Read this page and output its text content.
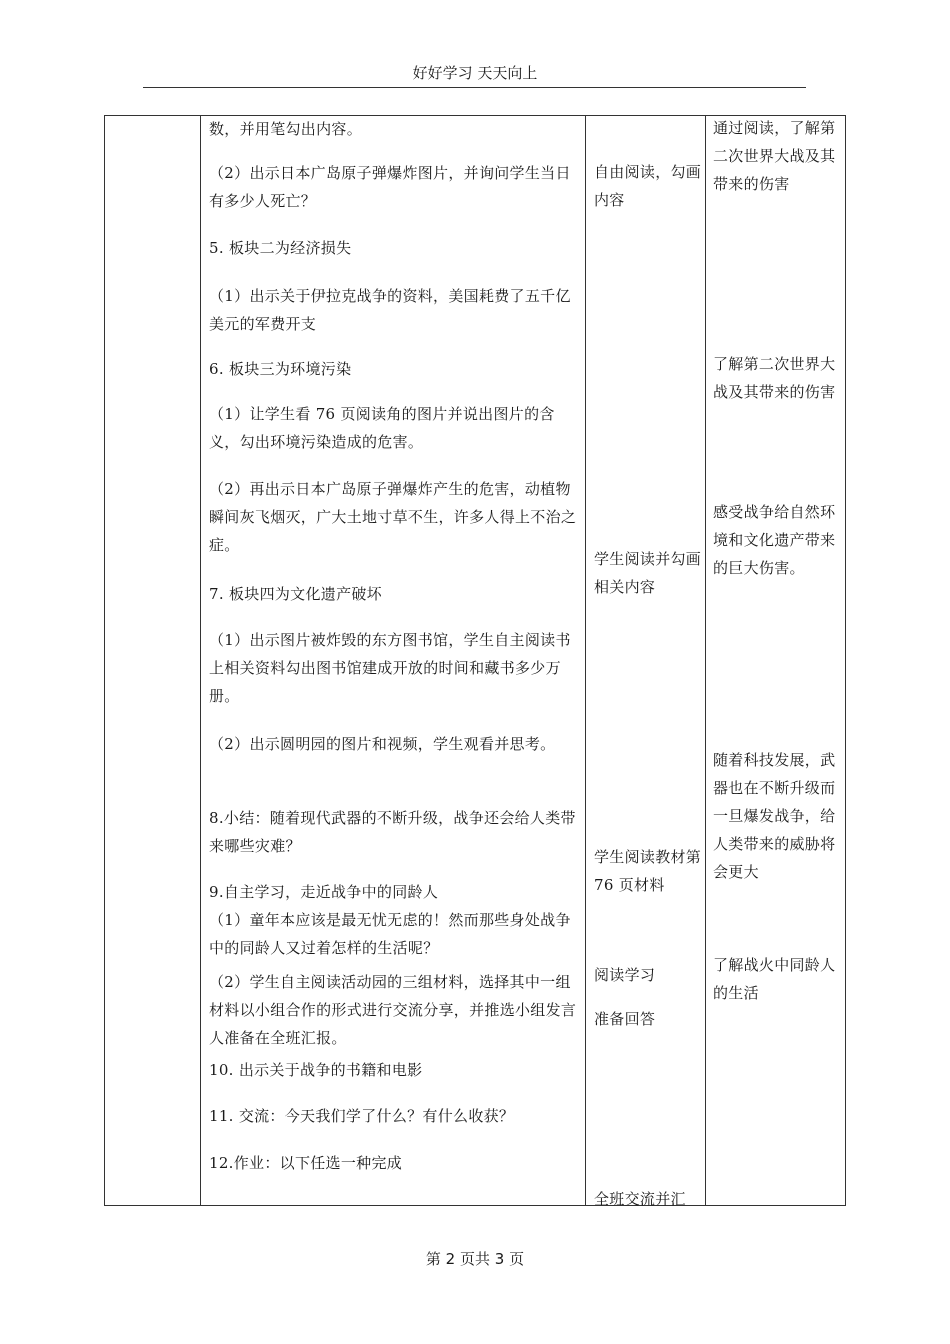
好好学习 天天向上
数，并用笔勾出内容。
（2）出示日本广岛原子弹爆炸图片，并询问学生当日有多少人死亡？
5. 板块二为经济损失
（1）出示关于伊拉克战争的资料，美国耗费了五千亿美元的军费开支
6. 板块三为环境污染
（1）让学生看 76 页阅读角的图片并说出图片的含义，勾出环境污染造成的危害。
（2）再出示日本广岛原子弹爆炸产生的危害，动植物瞬间灰飞烟灭，广大土地寸草不生，许多人得上不治之症。
7. 板块四为文化遗产破坏
（1）出示图片被炸毁的东方图书馆，学生自主阅读书上相关资料勾出图书馆建成开放的时间和藏书多少万册。
（2）出示圆明园的图片和视频，学生观看并思考。
8.小结：随着现代武器的不断升级，战争还会给人类带来哪些灾难？
9.自主学习，走近战争中的同龄人
（1）童年本应该是最无忧无虑的！然而那些身处战争中的同龄人又过着怎样的生活呢？
（2）学生自主阅读活动园的三组材料，选择其中一组材料以小组合作的形式进行交流分享，并推选小组发言人准备在全班汇报。
10. 出示关于战争的书籍和电影
11. 交流：今天我们学了什么？有什么收获？
12.作业：以下任选一种完成
自由阅读，勾画内容
学生阅读并勾画相关内容
学生阅读教材第 76 页材料
阅读学习
准备回答
全班交流并汇
通过阅读，了解第二次世界大战及其带来的伤害
了解第二次世界大战及其带来的伤害
感受战争给自然环境和文化遗产带来的巨大伤害。
随着科技发展，武器也在不断升级而一旦爆发战争，给人类带来的威胁将会更大
了解战火中同龄人的生活
第 2 页共 3 页
